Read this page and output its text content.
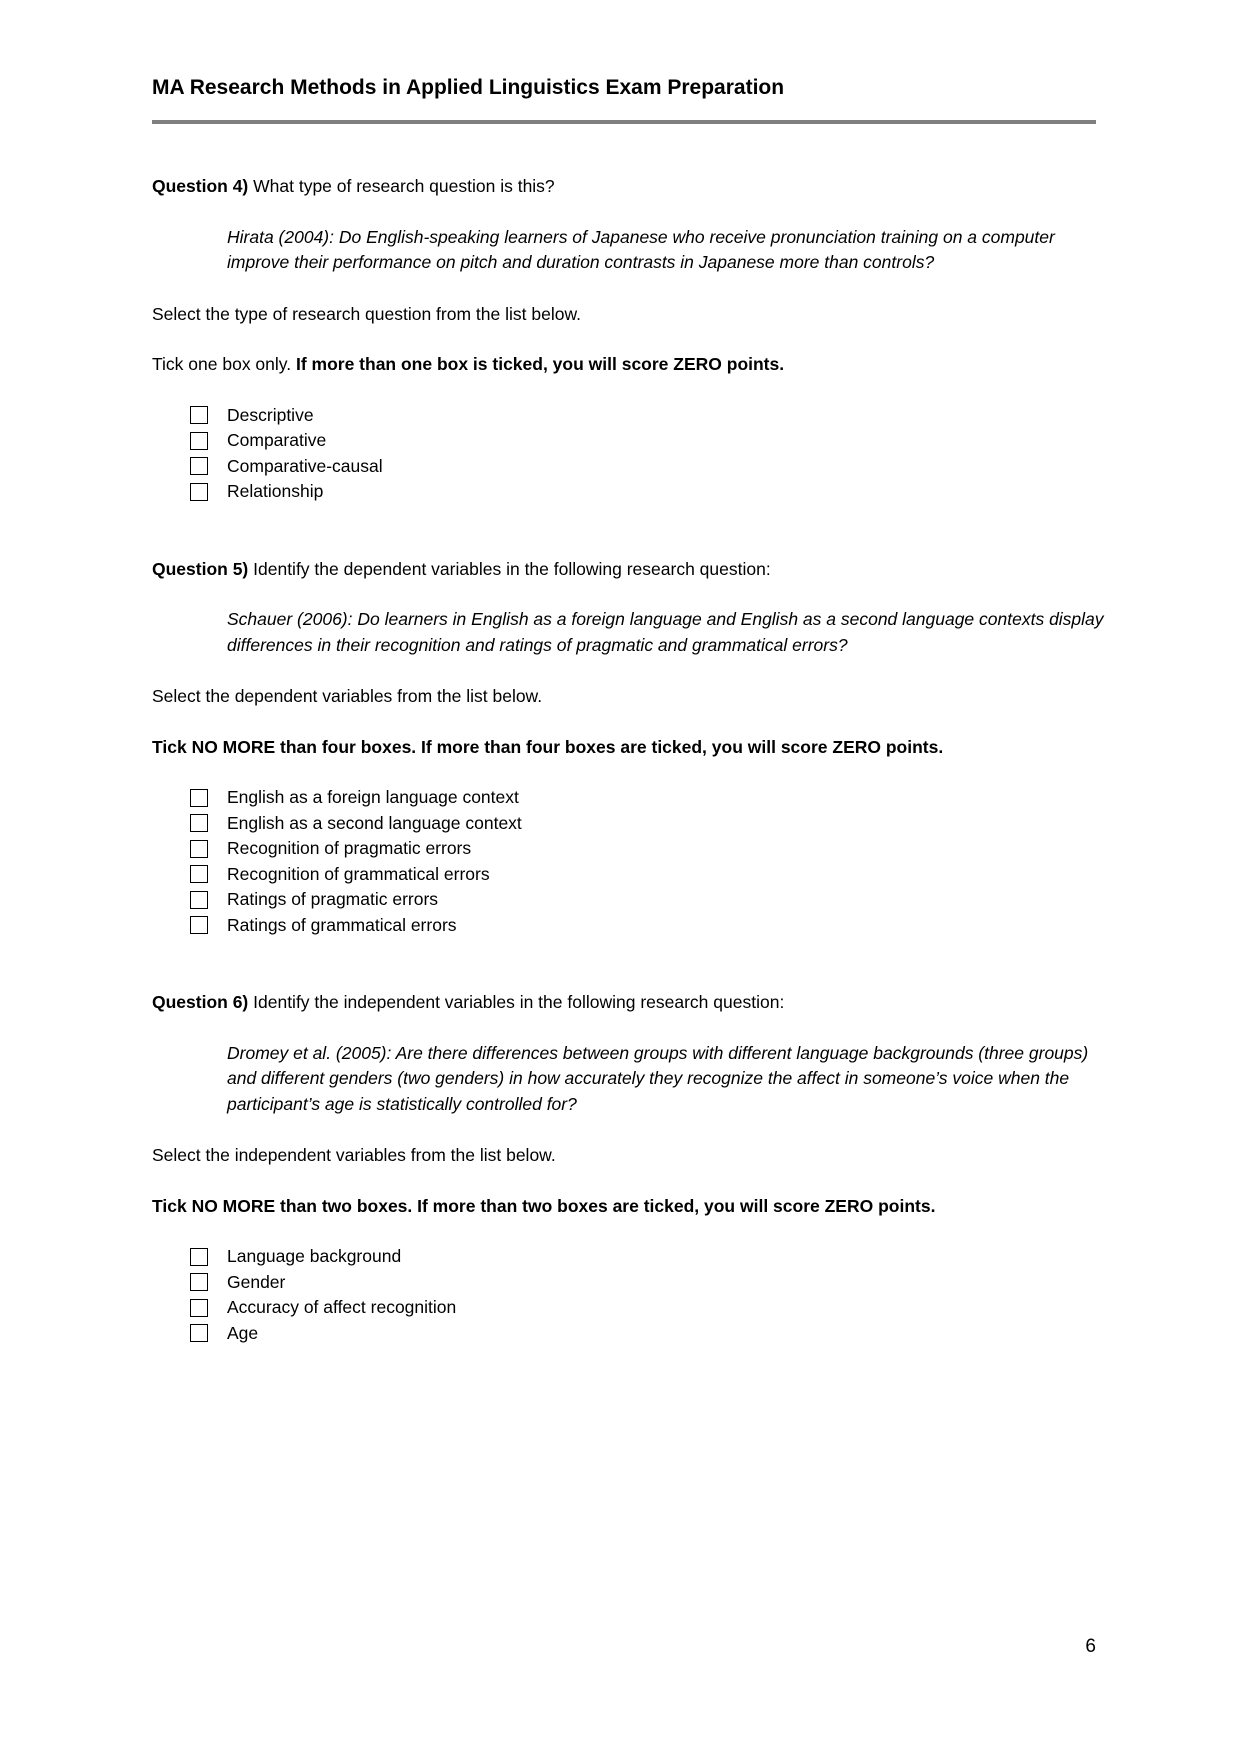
MA Research Methods in Applied Linguistics Exam Preparation

Question 4) What type of research question is this?

Hirata (2004): Do English-speaking learners of Japanese who receive pronunciation training on a computer improve their performance on pitch and duration contrasts in Japanese more than controls?

Select the type of research question from the list below.

Tick one box only. If more than one box is ticked, you will score ZERO points.

Descriptive
Comparative
Comparative-causal
Relationship

Question 5) Identify the dependent variables in the following research question:

Schauer (2006): Do learners in English as a foreign language and English as a second language contexts display differences in their recognition and ratings of pragmatic and grammatical errors?

Select the dependent variables from the list below.

Tick NO MORE than four boxes. If more than four boxes are ticked, you will score ZERO points.

English as a foreign language context
English as a second language context
Recognition of pragmatic errors
Recognition of grammatical errors
Ratings of pragmatic errors
Ratings of grammatical errors

Question 6) Identify the independent variables in the following research question:

Dromey et al. (2005): Are there differences between groups with different language backgrounds (three groups) and different genders (two genders) in how accurately they recognize the affect in someone’s voice when the participant’s age is statistically controlled for?

Select the independent variables from the list below.

Tick NO MORE than two boxes. If more than two boxes are ticked, you will score ZERO points.

Language background
Gender
Accuracy of affect recognition
Age
6
